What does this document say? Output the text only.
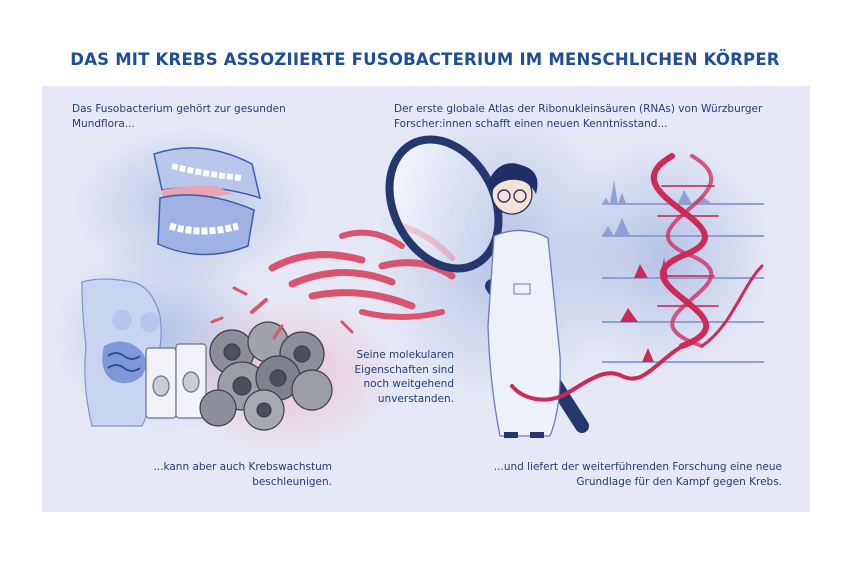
DAS MIT KREBS ASSOZIIERTE FUSOBACTERIUM IM MENSCHLICHEN KÖRPER
Das Fusobacterium gehört zur gesunden Mundflora...
Der erste globale Atlas der Ribonukleinsäuren (RNAs) von Würzburger Forscher:innen schafft einen neuen Kenntnisstand...
Seine molekularen Eigenschaften sind noch weitgehend unverstanden.
...kann aber auch Krebswachstum beschleunigen.
...und liefert der weiterführenden Forschung eine neue Grundlage für den Kampf gegen Krebs.
